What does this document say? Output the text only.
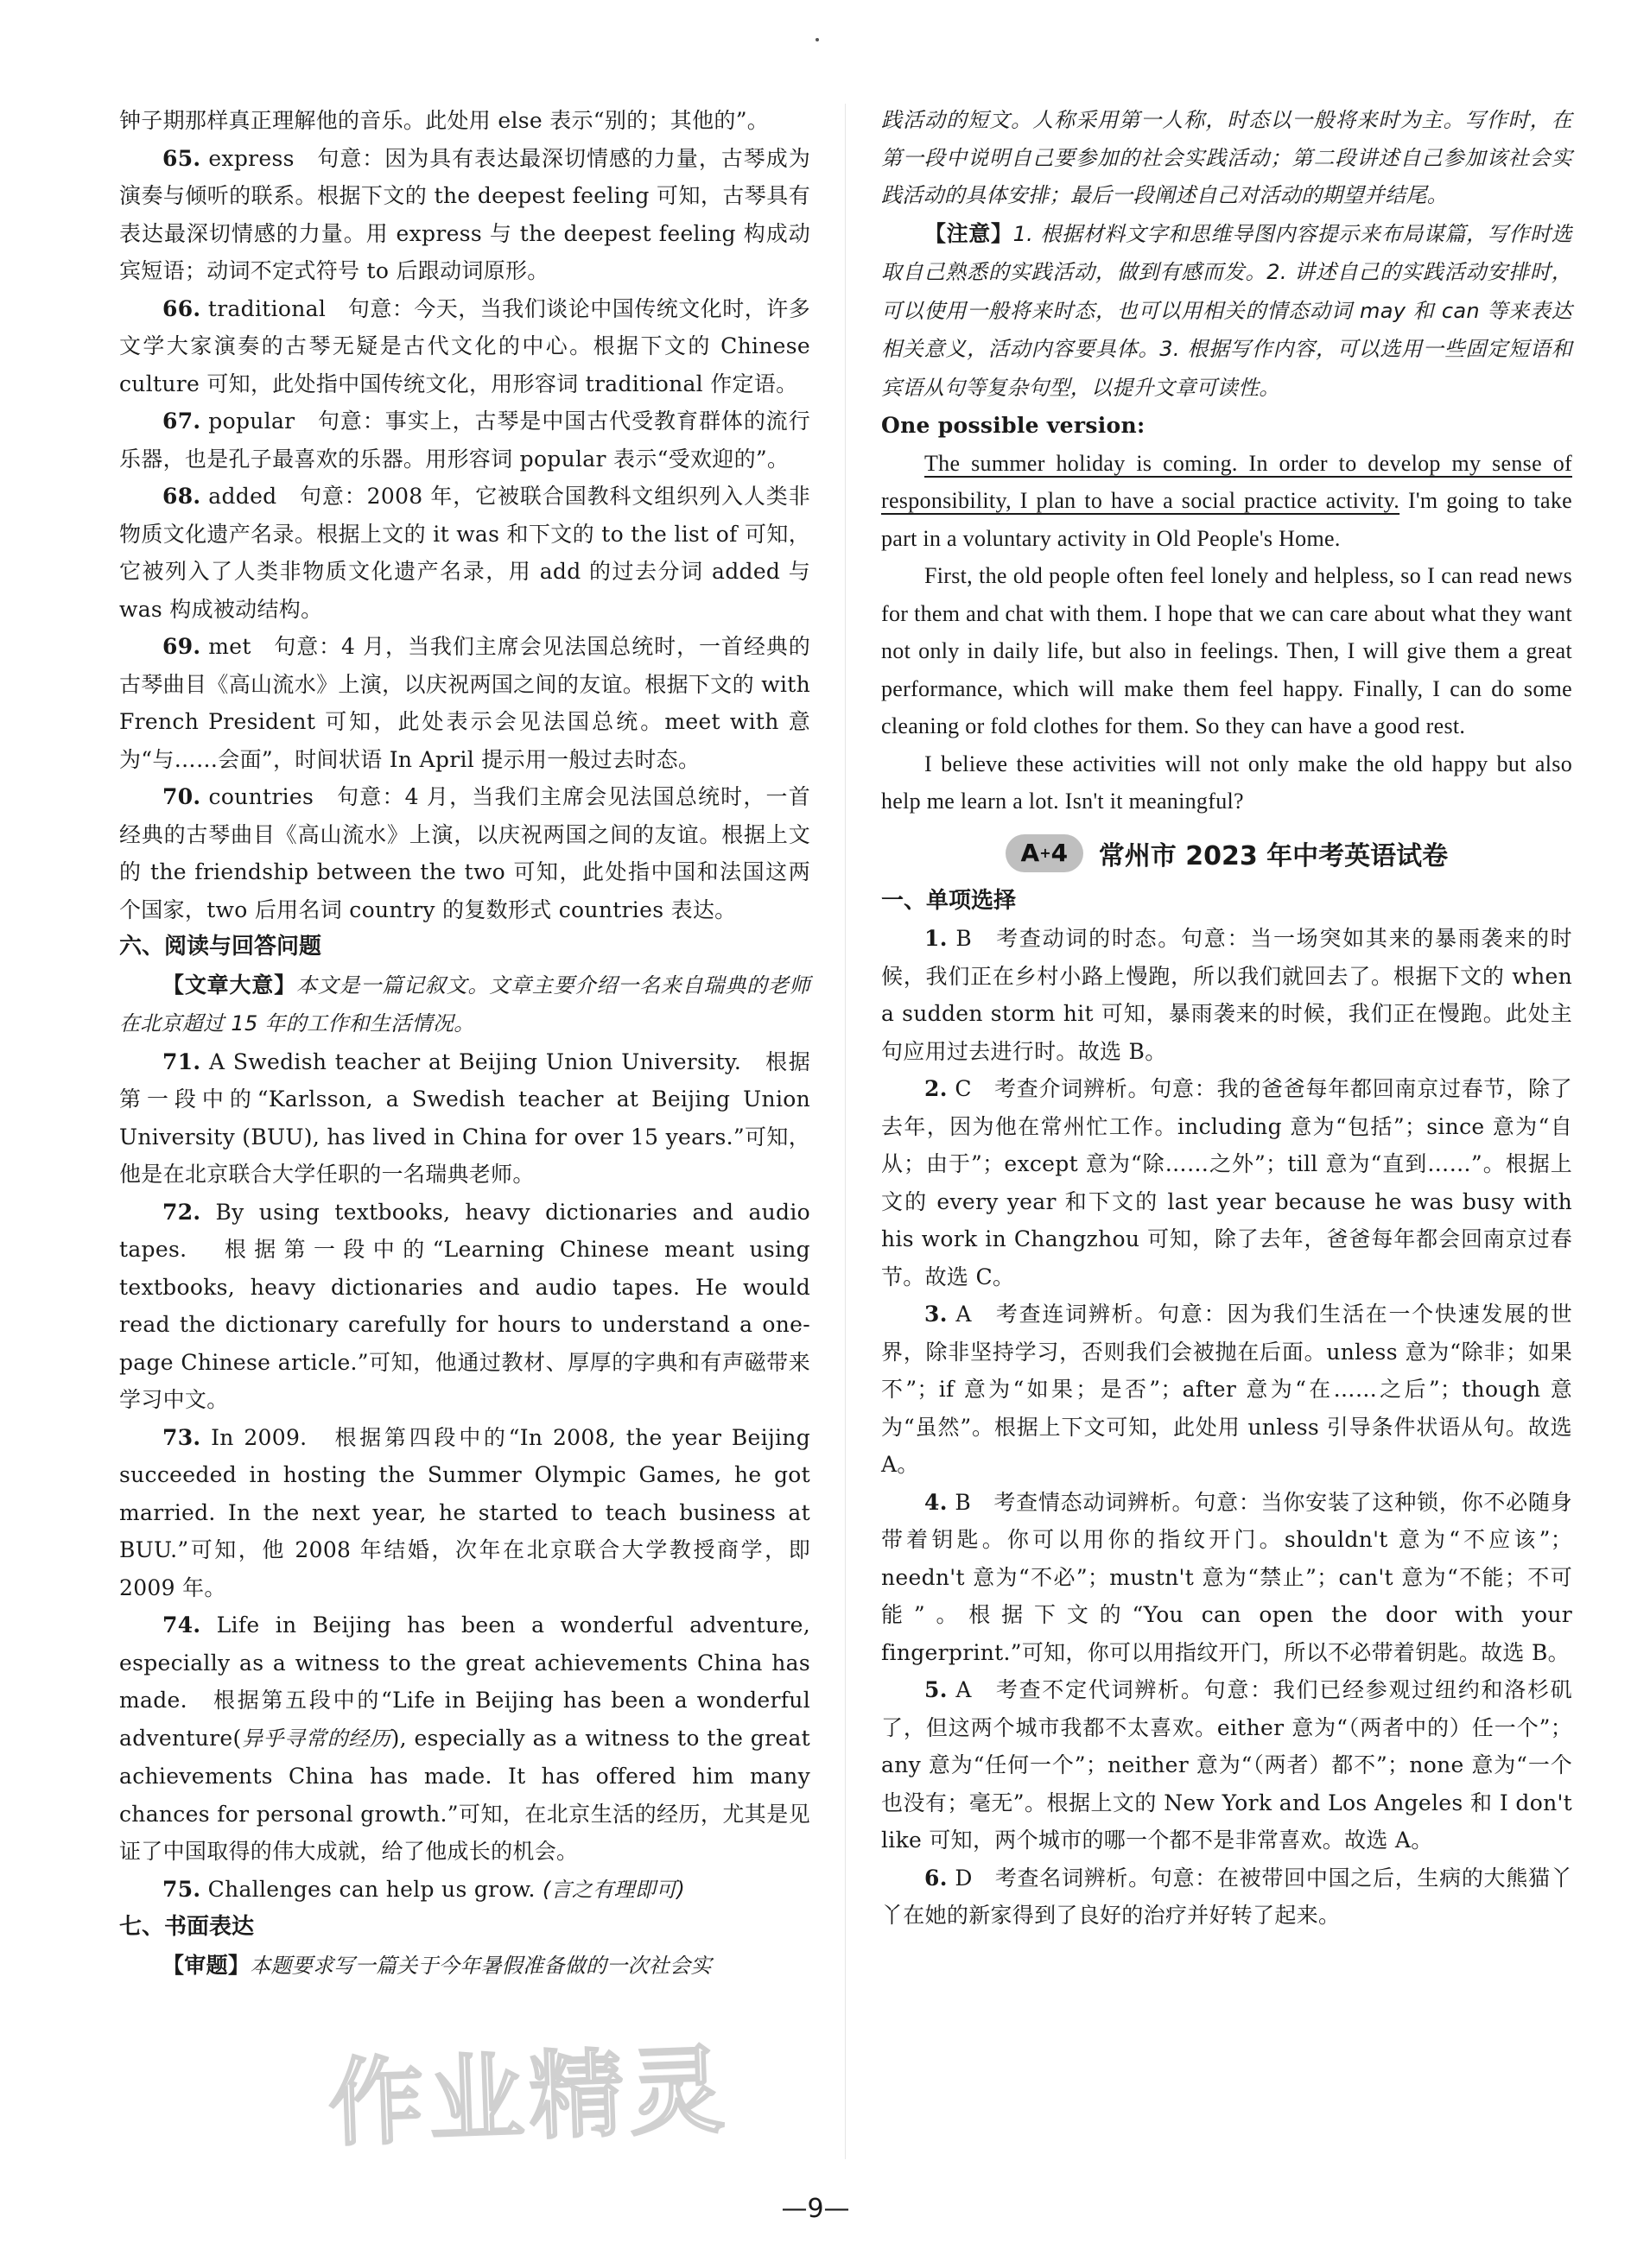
钟子期那样真正理解他的音乐。此处用 else 表示“别的；其他的”。

65. express　句意：因为具有表达最深切情感的力量，古琴成为演奏与倾听的联系。根据下文的 the deepest feeling 可知，古琴具有表达最深切情感的力量。用 express 与 the deepest feeling 构成动宾短语；动词不定式符号 to 后跟动词原形。

66. traditional　句意：今天，当我们谈论中国传统文化时，许多文学大家演奏的古琴无疑是古代文化的中心。根据下文的 Chinese culture 可知，此处指中国传统文化，用形容词 traditional 作定语。

67. popular　句意：事实上，古琴是中国古代受教育群体的流行乐器，也是孔子最喜欢的乐器。用形容词 popular 表示“受欢迎的”。

68. added　句意：2008 年，它被联合国教科文组织列入人类非物质文化遗产名录。根据上文的 it was 和下文的 to the list of 可知，它被列入了人类非物质文化遗产名录，用 add 的过去分词 added 与 was 构成被动结构。

69. met　句意：4 月，当我们主席会见法国总统时，一首经典的古琴曲目《高山流水》上演，以庆祝两国之间的友谊。根据下文的 with French President 可知，此处表示会见法国总统。meet with 意为“与……会面”，时间状语 In April 提示用一般过去时态。

70. countries　句意：4 月，当我们主席会见法国总统时，一首经典的古琴曲目《高山流水》上演，以庆祝两国之间的友谊。根据上文的 the friendship between the two 可知，此处指中国和法国这两个国家，two 后用名词 country 的复数形式 countries 表达。

六、阅读与回答问题

【文章大意】本文是一篇记叙文。文章主要介绍一名来自瑞典的老师在北京超过 15 年的工作和生活情况。

71. A Swedish teacher at Beijing Union University.　根据第一段中的“Karlsson, a Swedish teacher at Beijing Union University (BUU), has lived in China for over 15 years.”可知，他是在北京联合大学任职的一名瑞典老师。

72. By using textbooks, heavy dictionaries and audio tapes.　根据第一段中的“Learning Chinese meant using textbooks, heavy dictionaries and audio tapes. He would read the dictionary carefully for hours to understand a one-page Chinese article.”可知，他通过教材、厚厚的字典和有声磁带来学习中文。

73. In 2009.　根据第四段中的“In 2008, the year Beijing succeeded in hosting the Summer Olympic Games, he got married. In the next year, he started to teach business at BUU.”可知，他 2008 年结婚，次年在北京联合大学教授商学，即 2009 年。

74. Life in Beijing has been a wonderful adventure, especially as a witness to the great achievements China has made.　根据第五段中的“Life in Beijing has been a wonderful adventure(异乎寻常的经历), especially as a witness to the great achievements China has made. It has offered him many chances for personal growth.”可知，在北京生活的经历，尤其是见证了中国取得的伟大成就，给了他成长的机会。

75. Challenges can help us grow. (言之有理即可)

七、书面表达

【审题】本题要求写一篇关于今年暑假准备做的一次社会实

践活动的短文。人称采用第一人称，时态以一般将来时为主。写作时，在第一段中说明自己要参加的社会实践活动；第二段讲述自己参加该社会实践活动的具体安排；最后一段阐述自己对活动的期望并结尾。

【注意】1. 根据材料文字和思维导图内容提示来布局谋篇，写作时选取自己熟悉的实践活动，做到有感而发。2. 讲述自己的实践活动安排时，可以使用一般将来时态，也可以用相关的情态动词 may 和 can 等来表达相关意义，活动内容要具体。3. 根据写作内容，可以选用一些固定短语和宾语从句等复杂句型，以提升文章可读性。

One possible version:

The summer holiday is coming. In order to develop my sense of responsibility, I plan to have a social practice activity. I'm going to take part in a voluntary activity in Old People's Home.

First, the old people often feel lonely and helpless, so I can read news for them and chat with them. I hope that we can care about what they want not only in daily life, but also in feelings. Then, I will give them a great performance, which will make them feel happy. Finally, I can do some cleaning or fold clothes for them. So they can have a good rest.

I believe these activities will not only make the old happy but also help me learn a lot. Isn't it meaningful?

A + 4 常州市 2023 年中考英语试卷

一、单项选择

1. B　考查动词的时态。句意：当一场突如其来的暴雨袭来的时候，我们正在乡村小路上慢跑，所以我们就回去了。根据下文的 when a sudden storm hit 可知，暴雨袭来的时候，我们正在慢跑。此处主句应用过去进行时。故选 B。

2. C　考查介词辨析。句意：我的爸爸每年都回南京过春节，除了去年，因为他在常州忙工作。including 意为“包括”；since 意为“自从；由于”；except 意为“除……之外”；till 意为“直到……”。根据上文的 every year 和下文的 last year because he was busy with his work in Changzhou 可知，除了去年，爸爸每年都会回南京过春节。故选 C。

3. A　考查连词辨析。句意：因为我们生活在一个快速发展的世界，除非坚持学习，否则我们会被抛在后面。unless 意为“除非；如果不”；if 意为“如果；是否”；after 意为“在……之后”；though 意为“虽然”。根据上下文可知，此处用 unless 引导条件状语从句。故选 A。

4. B　考查情态动词辨析。句意：当你安装了这种锁，你不必随身带着钥匙。你可以用你的指纹开门。shouldn't 意为“不应该”；needn't 意为“不必”；mustn't 意为“禁止”；can't 意为“不能；不可能”。根据下文的“You can open the door with your fingerprint.”可知，你可以用指纹开门，所以不必带着钥匙。故选 B。

5. A　考查不定代词辨析。句意：我们已经参观过纽约和洛杉矶了，但这两个城市我都不太喜欢。either 意为“（两者中的）任一个”；any 意为“任何一个”；neither 意为“（两者）都不”；none 意为“一个也没有；毫无”。根据上文的 New York and Los Angeles 和 I don't like 可知，两个城市的哪一个都不是非常喜欢。故选 A。

6. D　考查名词辨析。句意：在被带回中国之后，生病的大熊猫丫丫在她的新家得到了良好的治疗并好转了起来。

作业精灵
—9—
